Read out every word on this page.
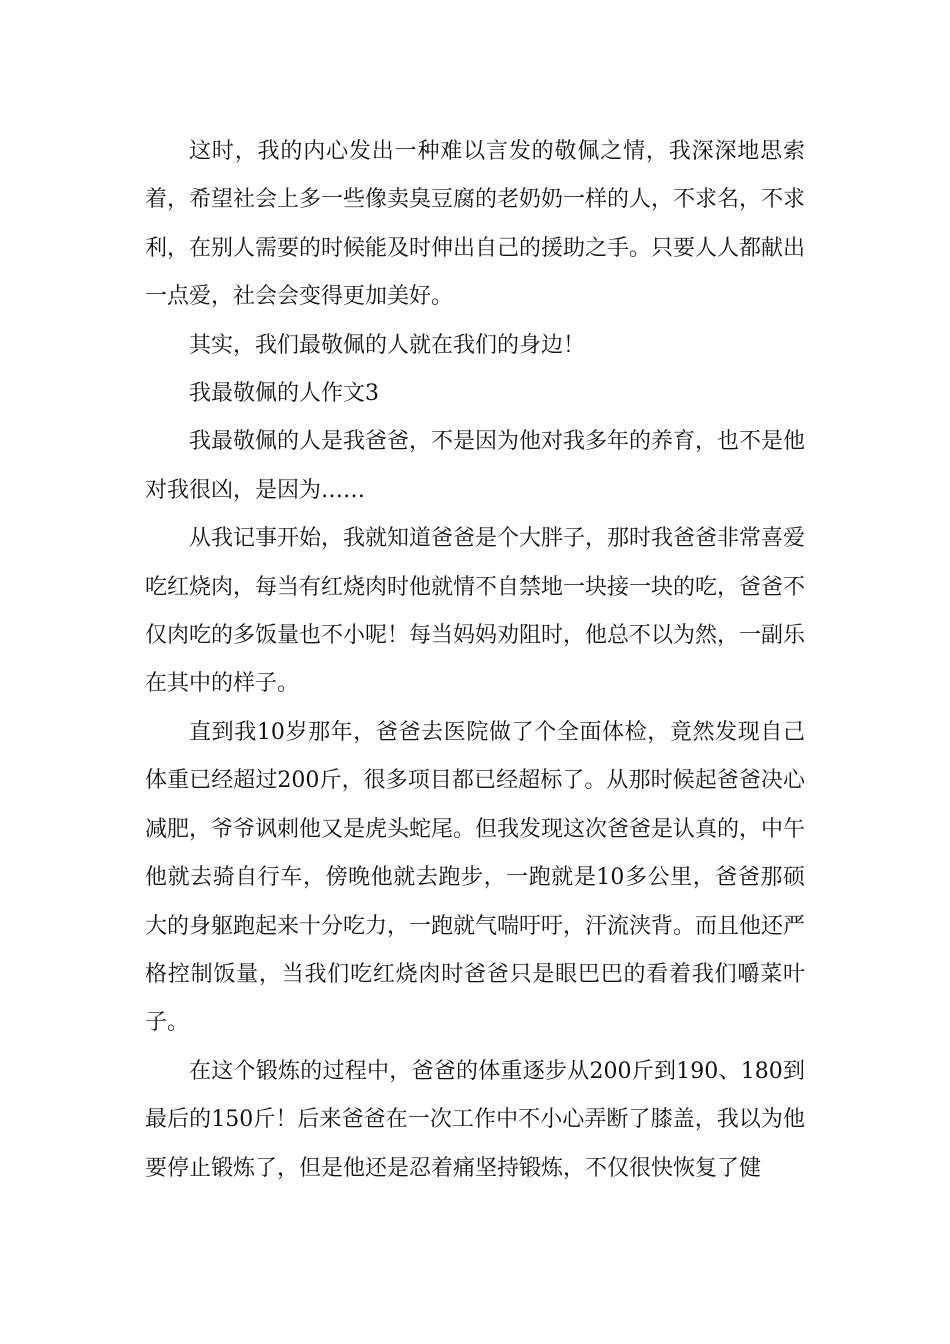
这时，我的内心发出一种难以言发的敬佩之情，我深深地思索着，希望社会上多一些像卖臭豆腐的老奶奶一样的人，不求名，不求利，在别人需要的时候能及时伸出自己的援助之手。只要人人都献出一点爱，社会会变得更加美好。

其实，我们最敬佩的人就在我们的身边！

我最敬佩的人作文3

我最敬佩的人是我爸爸，不是因为他对我多年的养育，也不是他对我很凶，是因为……

从我记事开始，我就知道爸爸是个大胖子，那时我爸爸非常喜爱吃红烧肉，每当有红烧肉时他就情不自禁地一块接一块的吃，爸爸不仅肉吃的多饭量也不小呢！每当妈妈劝阻时，他总不以为然，一副乐在其中的样子。

直到我10岁那年，爸爸去医院做了个全面体检，竟然发现自己体重已经超过200斤，很多项目都已经超标了。从那时候起爸爸决心减肥，爷爷讽刺他又是虎头蛇尾。但我发现这次爸爸是认真的，中午他就去骑自行车，傍晚他就去跑步，一跑就是10多公里，爸爸那硕大的身躯跑起来十分吃力，一跑就气喘吁吁，汗流浃背。而且他还严格控制饭量，当我们吃红烧肉时爸爸只是眼巴巴的看着我们嚼菜叶子。

在这个锻炼的过程中，爸爸的体重逐步从200斤到190、180到最后的150斤！后来爸爸在一次工作中不小心弄断了膝盖，我以为他要停止锻炼了，但是他还是忍着痛坚持锻炼，不仅很快恢复了健
